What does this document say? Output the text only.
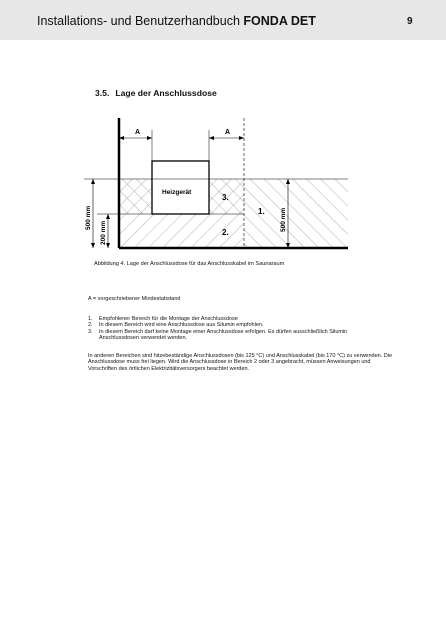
Installations- und Benutzerhandbuch FONDA DET	9
3.5. Lage der Anschlussdose
A	A
500 mm
200 mm
500 mm
Heizgerät
3.
1.
2.
Abbildung 4. Lage der Anschlussdose für das Anschlusskabel im Saunaraum
A = vorgeschriebener Mindestabstand
1.	Empfohlener Bereich für die Montage der Anschlussdose
2.	In diesem Bereich wird eine Anschlussdose aus Silumin empfohlen.
3.	In diesem Bereich darf keine Montage einer Anschlussdose erfolgen. Es dürfen ausschließlich Silumin Anschlussdosen verwendet werden.
In anderen Bereichen sind hitzebeständige Anschlussdosen (bis 125 °C) und Anschlusskabel (bis 170 °C) zu verwenden. Die Anschlussdose muss frei liegen. Wird die Anschlussdose in Bereich 2 oder 3 angebracht, müssen Anweisungen und Vorschriften des örtlichen Elektrizitätsversorgers beachtet werden.
